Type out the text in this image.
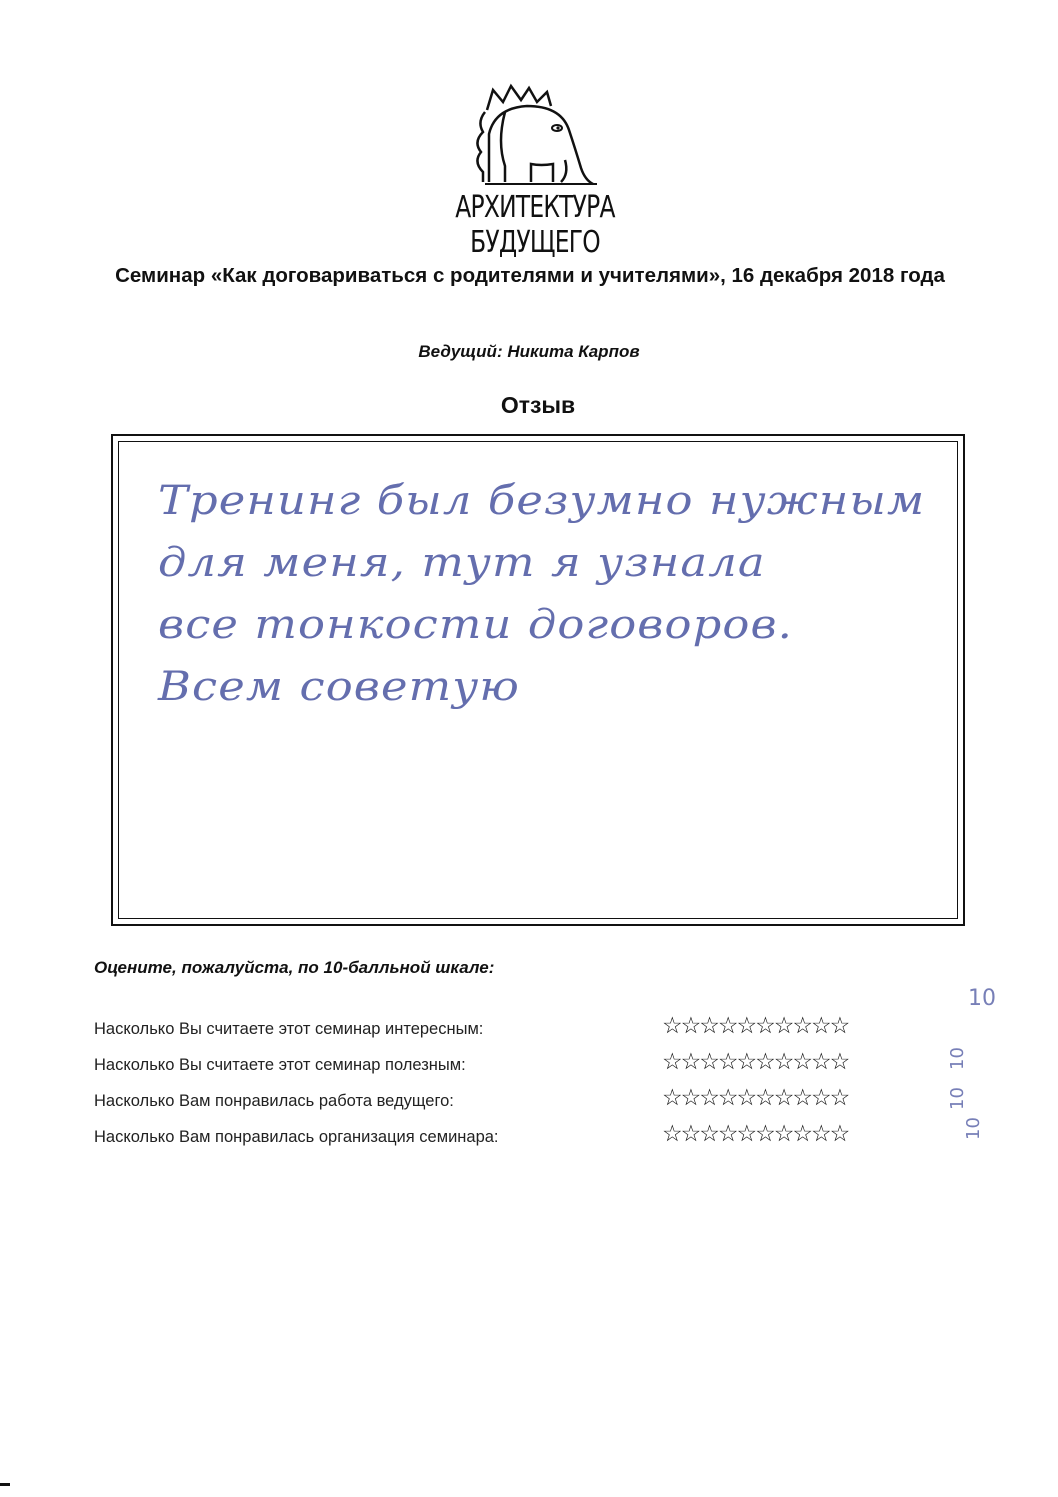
АРХИТЕКТУРА БУДУЩЕГО
Семинар «Как договариваться с родителями и учителями», 16 декабря 2018 года
Ведущий: Никита Карпов
Отзыв
Тренинг был безумно нужным
для меня, тут я узнала
все тонкости договоров.
Всем советую
Оцените, пожалуйста, по 10-балльной шкале:
Насколько Вы считаете этот семинар интересным:
Насколько Вы считаете этот семинар полезным:
Насколько Вам понравилась работа ведущего:
Насколько Вам понравилась организация семинара:
☆☆☆☆☆☆☆☆☆☆
☆☆☆☆☆☆☆☆☆☆
☆☆☆☆☆☆☆☆☆☆
☆☆☆☆☆☆☆☆☆☆
10
10
10
10
